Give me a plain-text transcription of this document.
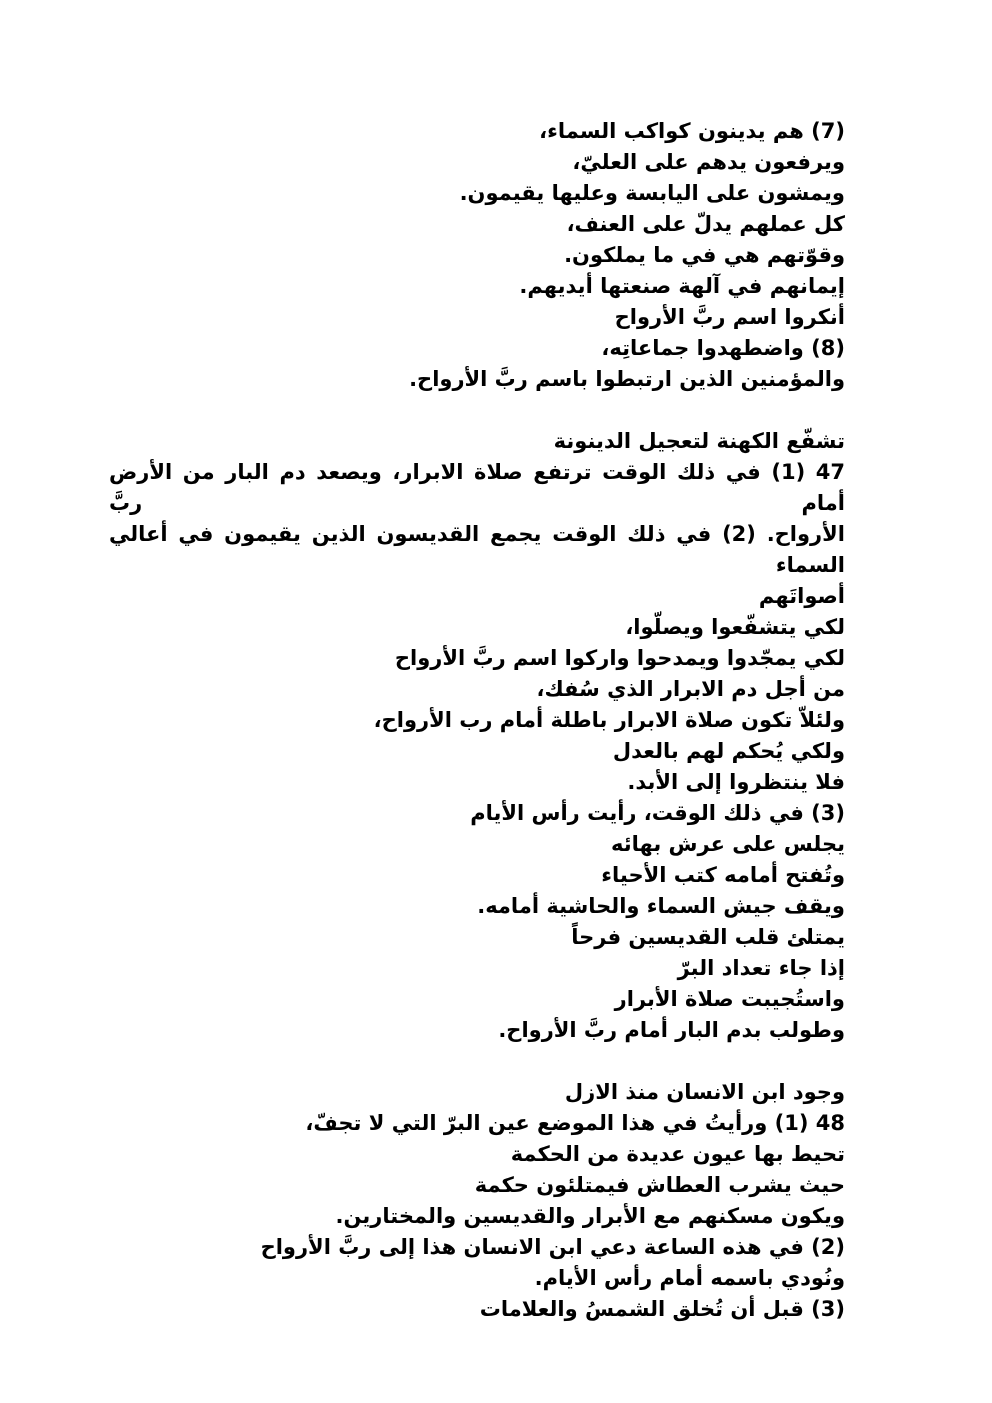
(7) هم يدينون كواكب السماء،
ويرفعون يدهم على العليّ،
ويمشون على اليابسة وعليها يقيمون.
كل عملهم يدلّ على العنف،
وقوّتهم هي في ما يملكون.
إيمانهم في آلهة صنعتها أيديهم.
أنكروا اسم ربَّ الأرواح
(8) واضطهدوا جماعاتِه،
والمؤمنين الذين ارتبطوا باسم ربَّ الأرواح.
تشفّع الكهنة لتعجيل الدينونة
47 (1) في ذلك الوقت ترتفع صلاة الابرار، ويصعد دم البار من الأرض أمام ربَّ
الأرواح. (2) في ذلك الوقت يجمع القديسون الذين يقيمون في أعالي السماء
أصواتَهم
لكي يتشفّعوا ويصلّوا،
لكي يمجّدوا ويمدحوا واركوا اسم ربَّ الأرواح
من أجل دم الابرار الذي سُفك،
ولئلاّ تكون صلاة الابرار باطلة أمام رب الأرواح،
ولكي يُحكم لهم بالعدل
فلا ينتظروا إلى الأبد.
(3) في ذلك الوقت، رأيت رأس الأيام
يجلس على عرش بهائه
وتُفتح أمامه كتب الأحياء
ويقف جيش السماء والحاشية أمامه.
يمتلئ قلب القديسين فرحاً
إذا جاء تعداد البرّ
واستُجيبت صلاة الأبرار
وطولب بدم البار أمام ربَّ الأرواح.
وجود ابن الانسان منذ الازل
48 (1) ورأيتُ في هذا الموضع عين البرّ التي لا تجفّ،
تحيط بها عيون عديدة من الحكمة
حيث يشرب العطاش فيمتلئون حكمة
ويكون مسكنهم مع الأبرار والقديسين والمختارين.
(2) في هذه الساعة دعي ابن الانسان هذا إلى ربَّ الأرواح
ونُودي باسمه أمام رأس الأيام.
(3) قبل أن تُخلق الشمسُ والعلامات
